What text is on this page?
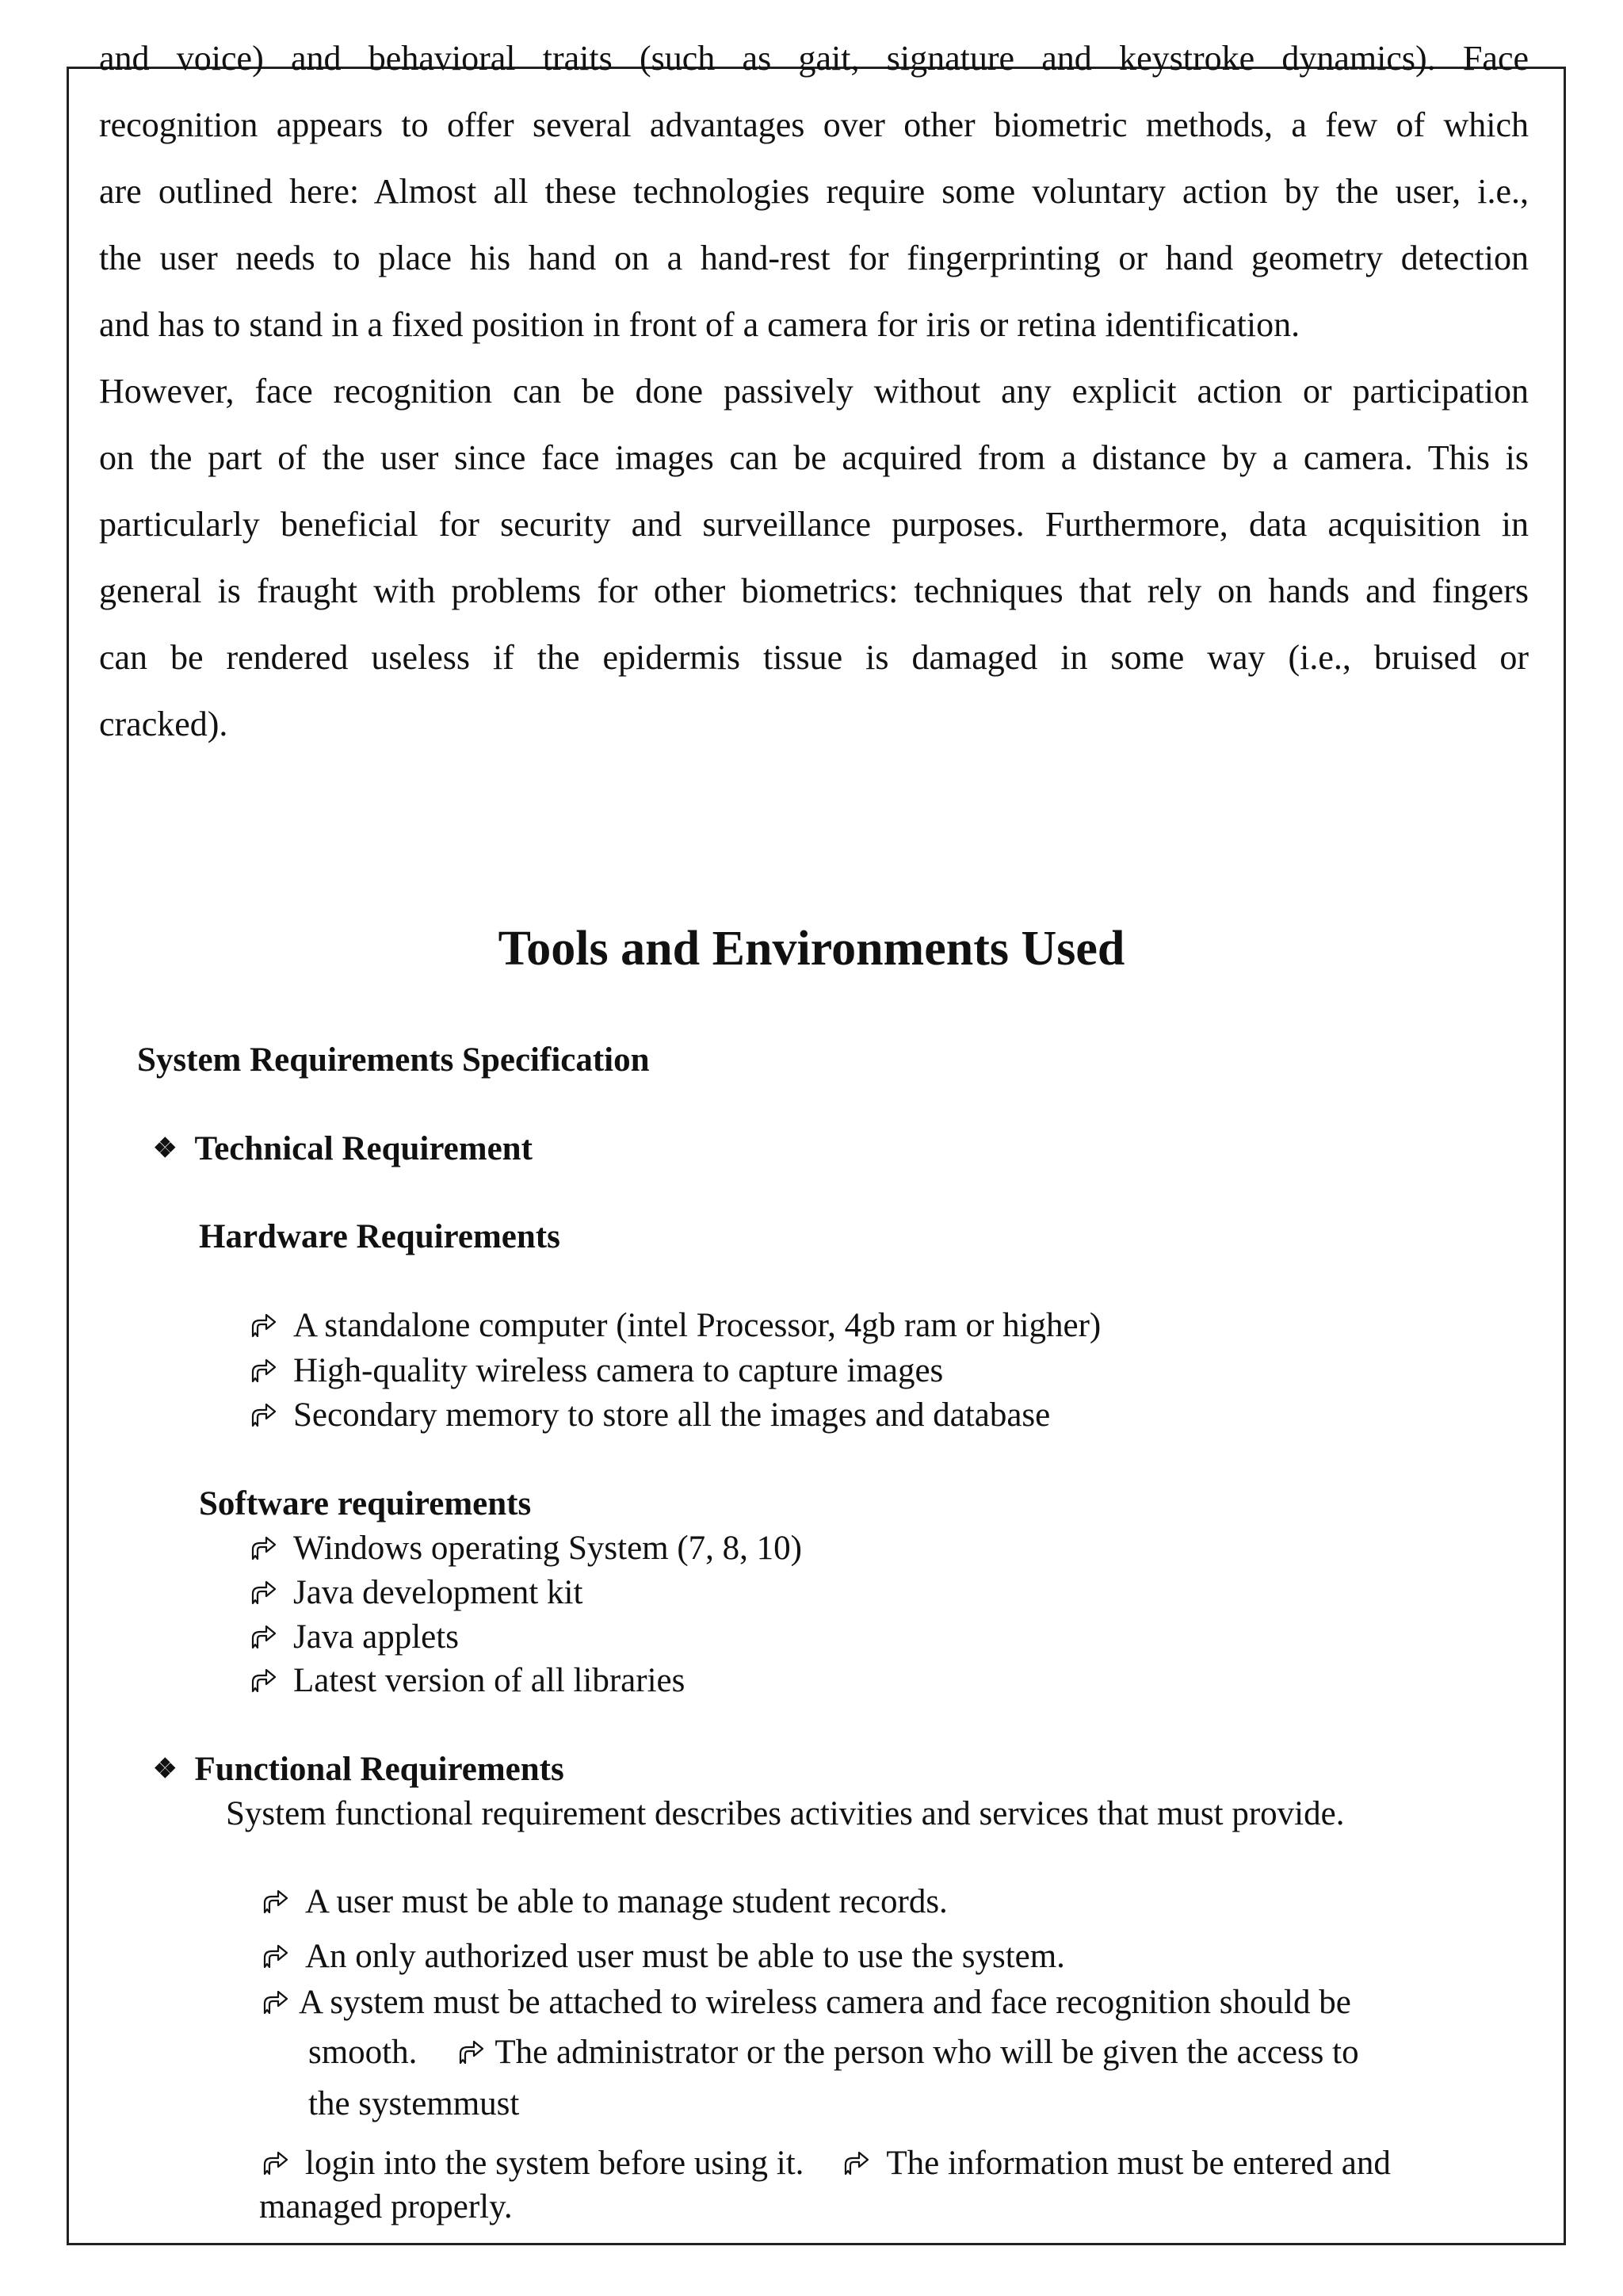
and voice) and behavioral traits (such as gait, signature and keystroke dynamics). Face
recognition appears to offer several advantages over other biometric methods, a few of which
are outlined here: Almost all these technologies require some voluntary action by the user, i.e.,
the user needs to place his hand on a hand-rest for fingerprinting or hand geometry detection
and has to stand in a fixed position in front of a camera for iris or retina identification.
However, face recognition can be done passively without any explicit action or participation
on the part of the user since face images can be acquired from a distance by a camera. This is
particularly beneficial for security and surveillance purposes. Furthermore, data acquisition in
general is fraught with problems for other biometrics: techniques that rely on hands and fingers
can be rendered useless if the epidermis tissue is damaged in some way (i.e., bruised or
cracked).
Tools and Environments Used
System Requirements Specification
❖ Technical Requirement
Hardware Requirements
A standalone computer (intel Processor, 4gb ram or higher)
High-quality wireless camera to capture images
Secondary memory to store all the images and database
Software requirements
Windows operating System (7, 8, 10)
Java development kit
Java applets
Latest version of all libraries
❖ Functional Requirements
System functional requirement describes activities and services that must provide.
A user must be able to manage student records.
An only authorized user must be able to use the system.
A system must be attached to wireless camera and face recognition should be
smooth. The administrator or the person who will be given the access to
the systemmust
login into the system before using it. The information must be entered and
managed properly.
